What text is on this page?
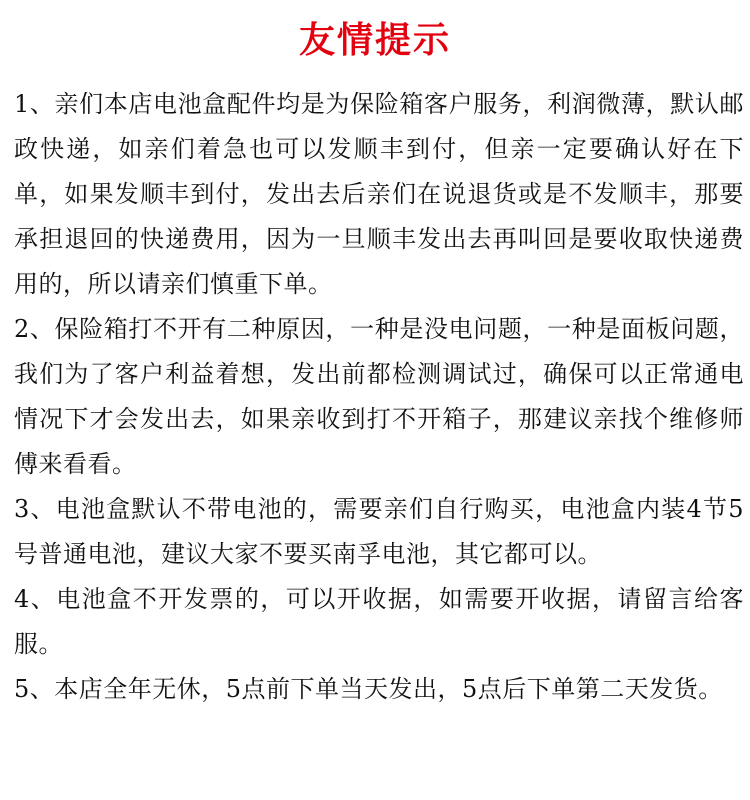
友情提示

1、亲们本店电池盒配件均是为保险箱客户服务，利润微薄，默认邮政快递，如亲们着急也可以发顺丰到付，但亲一定要确认好在下单，如果发顺丰到付，发出去后亲们在说退货或是不发顺丰，那要承担退回的快递费用，因为一旦顺丰发出去再叫回是要收取快递费用的，所以请亲们慎重下单。

2、保险箱打不开有二种原因，一种是没电问题，一种是面板问题，我们为了客户利益着想，发出前都检测调试过，确保可以正常通电情况下才会发出去，如果亲收到打不开箱子，那建议亲找个维修师傅来看看。

3、电池盒默认不带电池的，需要亲们自行购买，电池盒内装4节5号普通电池，建议大家不要买南孚电池，其它都可以。

4、电池盒不开发票的，可以开收据，如需要开收据，请留言给客服。

5、本店全年无休，5点前下单当天发出，5点后下单第二天发货。
